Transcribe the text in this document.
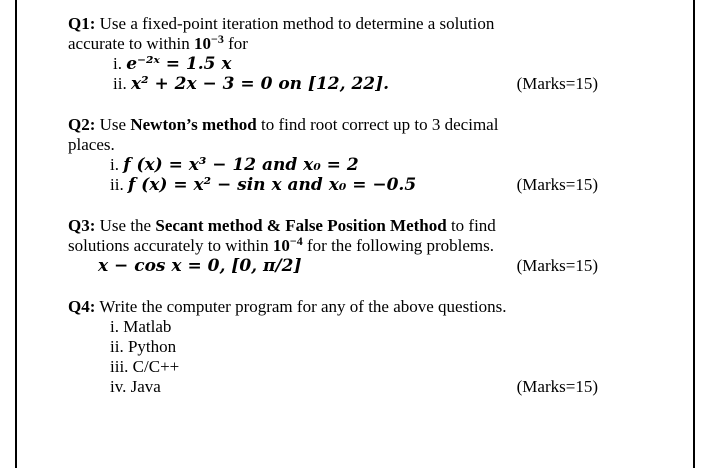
Q1: Use a fixed-point iteration method to determine a solution
accurate to within $10^{-3}$ for
i. e⁻²ˣ = 1.5 x
ii. x² + 2x − 3 = 0 on [12, 22].	(Marks=15)
Q2: Use Newton’s method to find root correct up to 3 decimal
places.
i. f (x) = x³ − 12 and x₀ = 2
ii. f (x) = x² − sin x and x₀ = −0.5	(Marks=15)
Q3: Use the Secant method & False Position Method to find
solutions accurately to within $10^{-4}$ for the following problems.
x − cos x = 0, [0, π/2]	(Marks=15)
Q4: Write the computer program for any of the above questions.
i. Matlab
ii. Python
iii. C/C++
iv. Java	(Marks=15)
